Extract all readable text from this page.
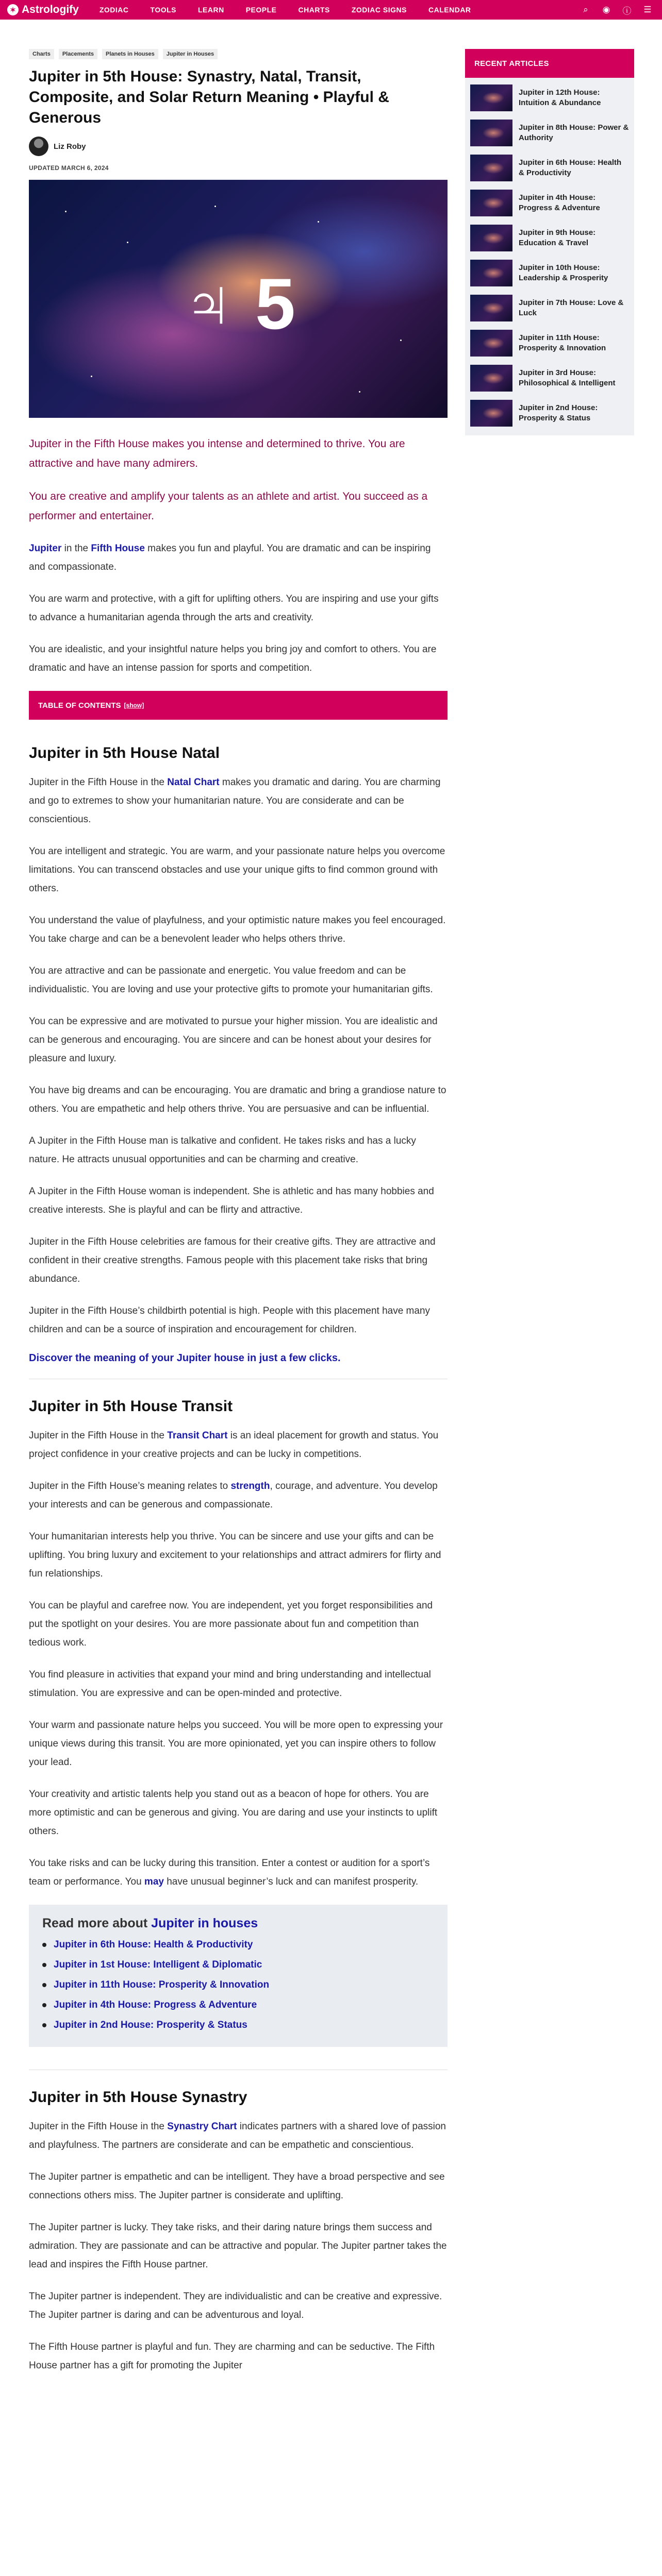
✶ Astrologify	ZODIAC	TOOLS	LEARN	PEOPLE	CHARTS	ZODIAC SIGNS	CALENDAR	⌕	◉ ⓘ ☰
Charts	Placements	Planets in Houses	Jupiter in Houses
Jupiter in 5th House: Synastry, Natal, Transit, Composite, and Solar Return Meaning • Playful & Generous
Liz Roby
UPDATED MARCH 6, 2024
♃ 5

Jupiter in the Fifth House makes you intense and determined to thrive. You are attractive and have many admirers.

You are creative and amplify your talents as an athlete and artist. You succeed as a performer and entertainer.

Jupiter in the Fifth House makes you fun and playful. You are dramatic and can be inspiring and compassionate.

You are warm and protective, with a gift for uplifting others. You are inspiring and use your gifts to advance a humanitarian agenda through the arts and creativity.

You are idealistic, and your insightful nature helps you bring joy and comfort to others. You are dramatic and have an intense passion for sports and competition.

TABLE OF CONTENTS [show]
Jupiter in 5th House Natal

Jupiter in the Fifth House in the Natal Chart makes you dramatic and daring. You are charming and go to extremes to show your humanitarian nature. You are considerate and can be conscientious.

You are intelligent and strategic. You are warm, and your passionate nature helps you overcome limitations. You can transcend obstacles and use your unique gifts to find common ground with others.

You understand the value of playfulness, and your optimistic nature makes you feel encouraged. You take charge and can be a benevolent leader who helps others thrive.

You are attractive and can be passionate and energetic. You value freedom and can be individualistic. You are loving and use your protective gifts to promote your humanitarian gifts.

You can be expressive and are motivated to pursue your higher mission. You are idealistic and can be generous and encouraging. You are sincere and can be honest about your desires for pleasure and luxury.

You have big dreams and can be encouraging. You are dramatic and bring a grandiose nature to others. You are empathetic and help others thrive. You are persuasive and can be influential.

A Jupiter in the Fifth House man is talkative and confident. He takes risks and has a lucky nature. He attracts unusual opportunities and can be charming and creative.

A Jupiter in the Fifth House woman is independent. She is athletic and has many hobbies and creative interests. She is playful and can be flirty and attractive.

Jupiter in the Fifth House celebrities are famous for their creative gifts. They are attractive and confident in their creative strengths. Famous people with this placement take risks that bring abundance.

Jupiter in the Fifth House’s childbirth potential is high. People with this placement have many children and can be a source of inspiration and encouragement for children.

Discover the meaning of your Jupiter house in just a few clicks.
Jupiter in 5th House Transit

Jupiter in the Fifth House in the Transit Chart is an ideal placement for growth and status. You project confidence in your creative projects and can be lucky in competitions.

Jupiter in the Fifth House’s meaning relates to strength, courage, and adventure. You develop your interests and can be generous and compassionate.

Your humanitarian interests help you thrive. You can be sincere and use your gifts and can be uplifting. You bring luxury and excitement to your relationships and attract admirers for flirty and fun relationships.

You can be playful and carefree now. You are independent, yet you forget responsibilities and put the spotlight on your desires. You are more passionate about fun and competition than tedious work.

You find pleasure in activities that expand your mind and bring understanding and intellectual stimulation. You are expressive and can be open-minded and protective.

Your warm and passionate nature helps you succeed. You will be more open to expressing your unique views during this transit. You are more opinionated, yet you can inspire others to follow your lead.

Your creativity and artistic talents help you stand out as a beacon of hope for others. You are more optimistic and can be generous and giving. You are daring and use your instincts to uplift others.

You take risks and can be lucky during this transition. Enter a contest or audition for a sport’s team or performance. You may have unusual beginner’s luck and can manifest prosperity.

Read more about Jupiter in houses
Jupiter in 6th House: Health & Productivity
Jupiter in 1st House: Intelligent & Diplomatic
Jupiter in 11th House: Prosperity & Innovation
Jupiter in 4th House: Progress & Adventure
Jupiter in 2nd House: Prosperity & Status
Jupiter in 5th House Synastry

Jupiter in the Fifth House in the Synastry Chart indicates partners with a shared love of passion and playfulness. The partners are considerate and can be empathetic and conscientious.

The Jupiter partner is empathetic and can be intelligent. They have a broad perspective and see connections others miss. The Jupiter partner is considerate and uplifting.

The Jupiter partner is lucky. They take risks, and their daring nature brings them success and admiration. They are passionate and can be attractive and popular. The Jupiter partner takes the lead and inspires the Fifth House partner.

The Jupiter partner is independent. They are individualistic and can be creative and expressive. The Jupiter partner is daring and can be adventurous and loyal.

The Fifth House partner is playful and fun. They are charming and can be seductive. The Fifth House partner has a gift for promoting the Jupiter

RECENT ARTICLES
Jupiter in 12th House: Intuition & Abundance
Jupiter in 8th House: Power & Authority
Jupiter in 6th House: Health & Productivity
Jupiter in 4th House: Progress & Adventure
Jupiter in 9th House: Education & Travel
Jupiter in 10th House: Leadership & Prosperity
Jupiter in 7th House: Love & Luck
Jupiter in 11th House: Prosperity & Innovation
Jupiter in 3rd House: Philosophical & Intelligent
Jupiter in 2nd House: Prosperity & Status
